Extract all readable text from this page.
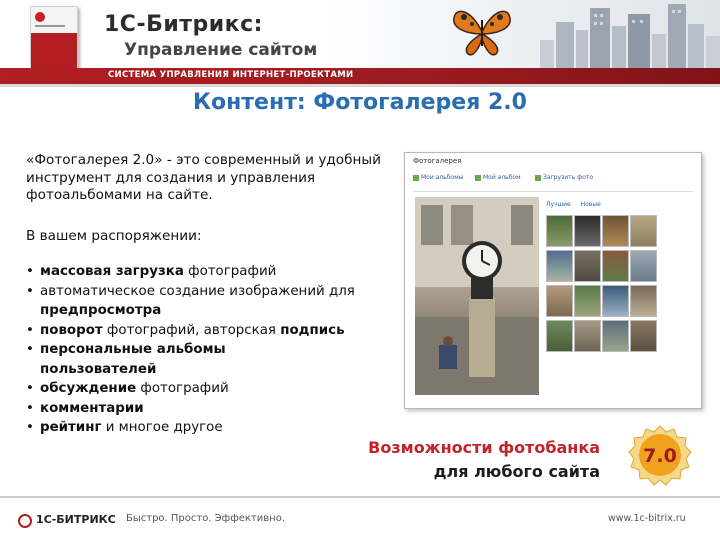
1С-Битрикс:
Управление сайтом
СИСТЕМА УПРАВЛЕНИЯ ИНТЕРНЕТ-ПРОЕКТАМИ
Контент: Фотогалерея 2.0
«Фотогалерея 2.0» - это современный и удобный инструмент для создания и управления фотоальбомами на сайте.
В вашем распоряжении:
• массовая загрузка фотографий
• автоматическое создание изображений для предпросмотра
• поворот фотографий, авторская подпись
• персональные альбомы пользователей
• обсуждение фотографий
• комментарии
• рейтинг и многое другое
Фотогалерея
Мои альбомы	Мой альбом	Загрузить фото
Лучшие Новые
Возможности фотобанка
для любого сайта
7.0
1С-БИТРИКС Быстро. Просто. Эффективно.	www.1c-bitrix.ru
